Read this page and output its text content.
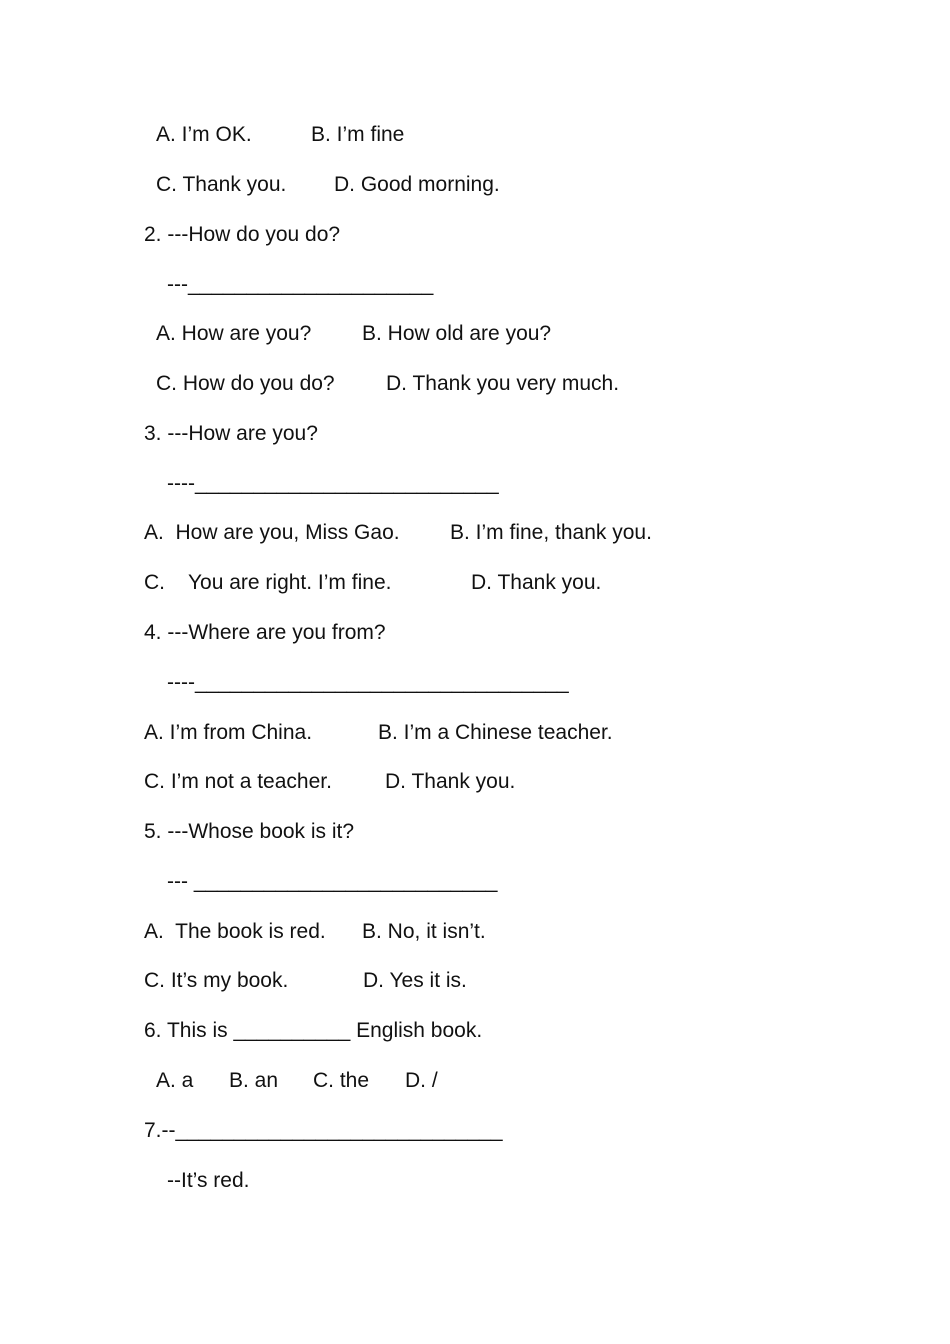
A. I’m OK.

	B. I’m fine

C. Thank you.

D. Good morning.

2. ---How do you do?
---_____________________

A. How are you?

B. How old are you?

C. How do you do?

D. Thank you very much.

3. ---How are you?
----__________________________

A.  How are you, Miss Gao.

B. I’m fine, thank you.

C.    You are right. I’m fine.

	D. Thank you.

4. ---Where are you from?
----________________________________

A. I’m from China.

	B. I’m a Chinese teacher.

C. I’m not a teacher.

	D. Thank you.

5. ---Whose book is it?
--- __________________________

A.  The book is red.

B. No, it isn’t.

C. It’s my book.

	D. Yes it is.

6. This is __________ English book.

A. a

B. an

C. the

D. /

7.--____________________________
--It’s red.
